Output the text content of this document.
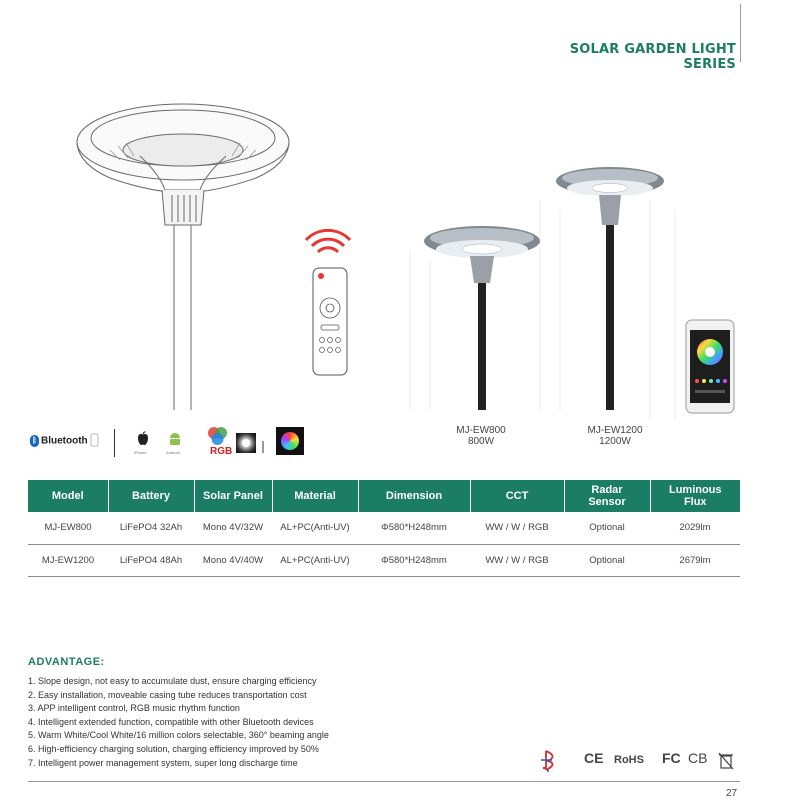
SOLAR GARDEN LIGHT SERIES
MJ-EW800
800W
MJ-EW1200
1200W
ᛒ Bluetooth
iPhone	Android	RGB
Model	Battery	Solar Panel	Material	Dimension	CCT	Radar Sensor	Luminous Flux
MJ-EW800	LiFePO4 32Ah	Mono 4V/32W	AL+PC(Anti-UV)	Φ580*H248mm	WW / W / RGB	Optional	2029lm
MJ-EW1200	LiFePO4 48Ah	Mono 4V/40W	AL+PC(Anti-UV)	Φ580*H248mm	WW / W / RGB	Optional	2679lm
ADVANTAGE:
1. Slope design, not easy to accumulate dust, ensure charging efficiency
2. Easy installation, moveable casing tube reduces transportation cost
3. APP intelligent control, RGB music rhythm function
4. Intelligent extended function, compatible with other Bluetooth devices
5. Warm White/Cool White/16 million colors selectable, 360° beaming angle
6. High-efficiency charging solution, charging efficiency improved by 50%
7. Intelligent power management system, super long discharge time	CE RoHS FC CB
27
